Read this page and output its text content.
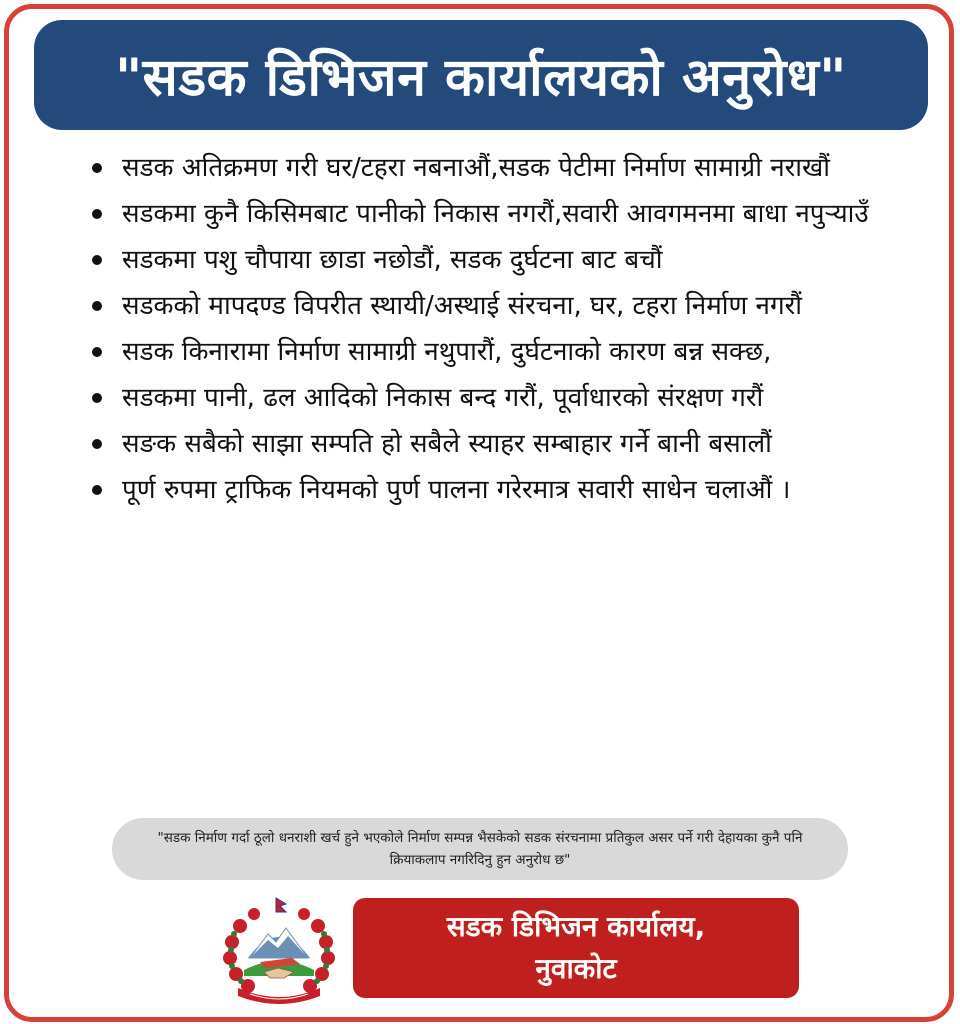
"सडक डिभिजन कार्यालयको अनुरोध"
सडक अतिक्रमण गरी घर/टहरा नबनाऔं,सडक पेटीमा निर्माण सामाग्री नराखौं
सडकमा कुनै किसिमबाट पानीको निकास नगरौं,सवारी आवगमनमा बाधा नपुऱ्याउँ
सडकमा पशु चौपाया छाडा नछोडौं, सडक दुर्घटना बाट बचौं
सडकको मापदण्ड विपरीत स्थायी/अस्थाई संरचना, घर, टहरा निर्माण नगरौं
सडक किनारामा निर्माण सामाग्री नथुपारौं, दुर्घटनाको कारण बन्न सक्छ,
सडकमा पानी, ढल आदिको निकास बन्द गरौं, पूर्वाधारको संरक्षण गरौं
सङक सबैको साझा सम्पति हो सबैले स्याहर सम्बाहार गर्ने बानी बसालौं
पूर्ण रुपमा ट्राफिक नियमको पुर्ण पालना गरेरमात्र सवारी साधेन चलाऔं ।
"सडक निर्माण गर्दा ठूलो धनराशी खर्च हुने भएकोले निर्माण सम्पन्न भैसकेको सडक संरचनामा प्रतिकुल असर पर्ने गरी देहायका कुनै पनि क्रियाकलाप नगरिदिनु हुन अनुरोध छ"
सडक डिभिजन कार्यालय,
नुवाकोट
